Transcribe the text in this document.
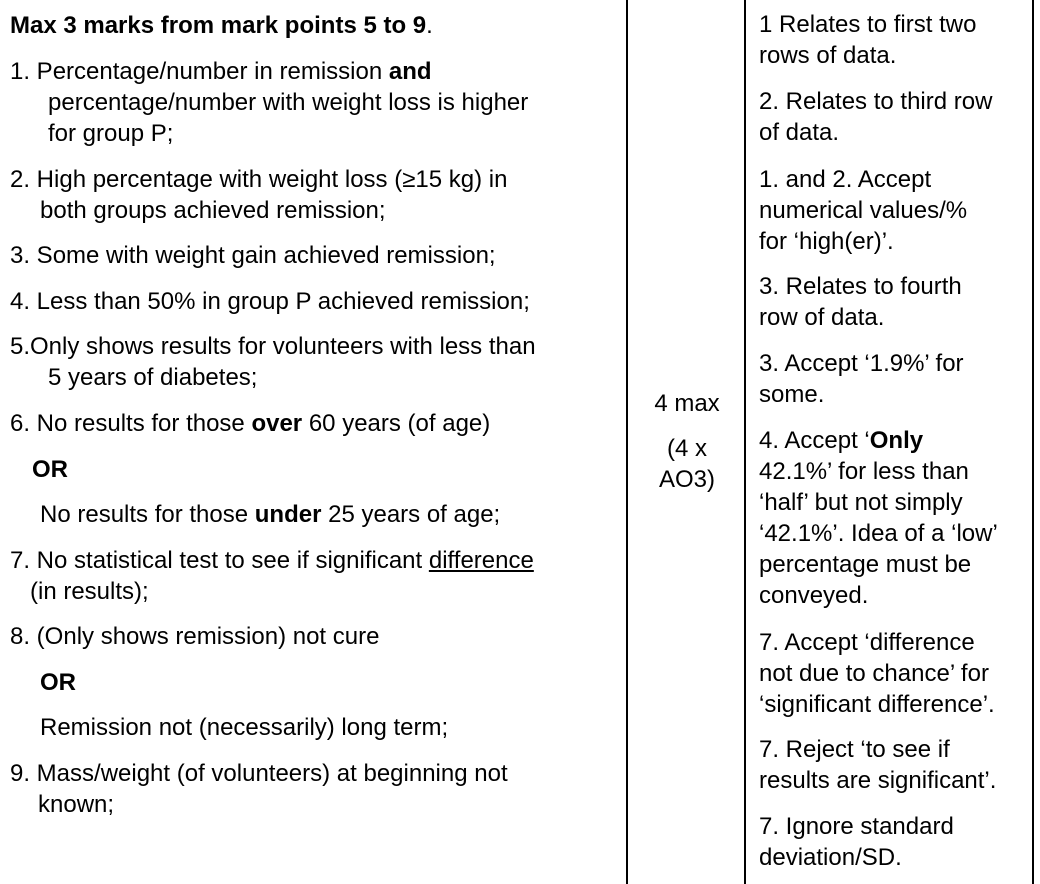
Max 3 marks from mark points 5 to 9.
1. Percentage/number in remission and
percentage/number with weight loss is higher
for group P;
2. High percentage with weight loss (≥15 kg) in
both groups achieved remission;
3. Some with weight gain achieved remission;
4. Less than 50% in group P achieved remission;
5.Only shows results for volunteers with less than
5 years of diabetes;
6. No results for those over 60 years (of age)
OR
No results for those under 25 years of age;
7. No statistical test to see if significant difference
(in results);
8. (Only shows remission) not cure
OR
Remission not (necessarily) long term;
9. Mass/weight (of volunteers) at beginning not
known;
4 max
(4 x
AO3)
1 Relates to first two
rows of data.
2. Relates to third row
of data.
1. and 2. Accept
numerical values/%
for ‘high(er)’.
3. Relates to fourth
row of data.
3. Accept ‘1.9%’ for
some.
4. Accept ‘Only
42.1%’ for less than
‘half’ but not simply
‘42.1%’. Idea of a ‘low’
percentage must be
conveyed.
7. Accept ‘difference
not due to chance’ for
‘significant difference’.
7. Reject ‘to see if
results are significant’.
7. Ignore standard
deviation/SD.
